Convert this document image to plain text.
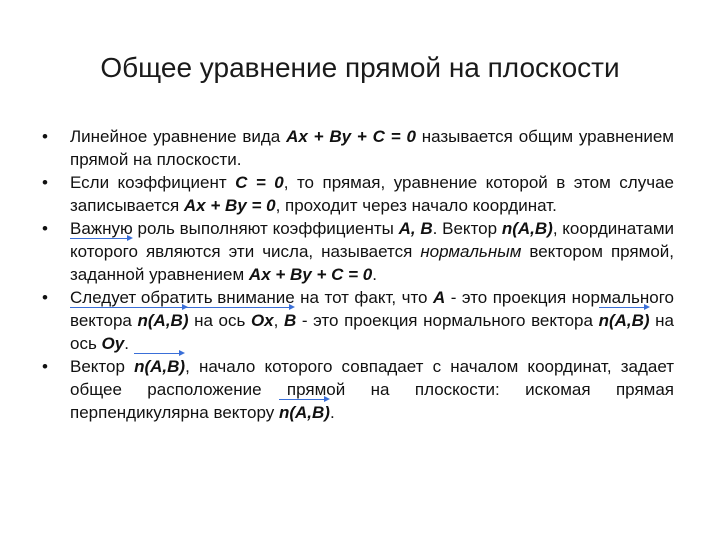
Общее уравнение прямой на плоскости
•	Линейное уравнение вида Ax + By + C = 0 называется общим уравнением прямой на плоскости.
•	Если коэффициент C = 0, то прямая, уравнение которой в этом случае записывается Ax + By = 0, проходит через начало координат.
•	Важную
роль выполняют коэффициенты A, B. Вектор n(A,B), координатами которого являются эти числа, называется нормальным вектором прямой, заданной уравнением Ax + By + C = 0.
•	Следует обратить внимание
на тот факт, что A - это проекция нормального вектора n(A,B)
на ось Ox, B - это проекция нормального вектора n(A,B)
на ось Oy.
•	Вектор n(A,B)
, начало которого совпадает с началом координат, задает общее расположение прямой на плоскости: искомая прямая перпендикулярна вектору n(A,B)
.
